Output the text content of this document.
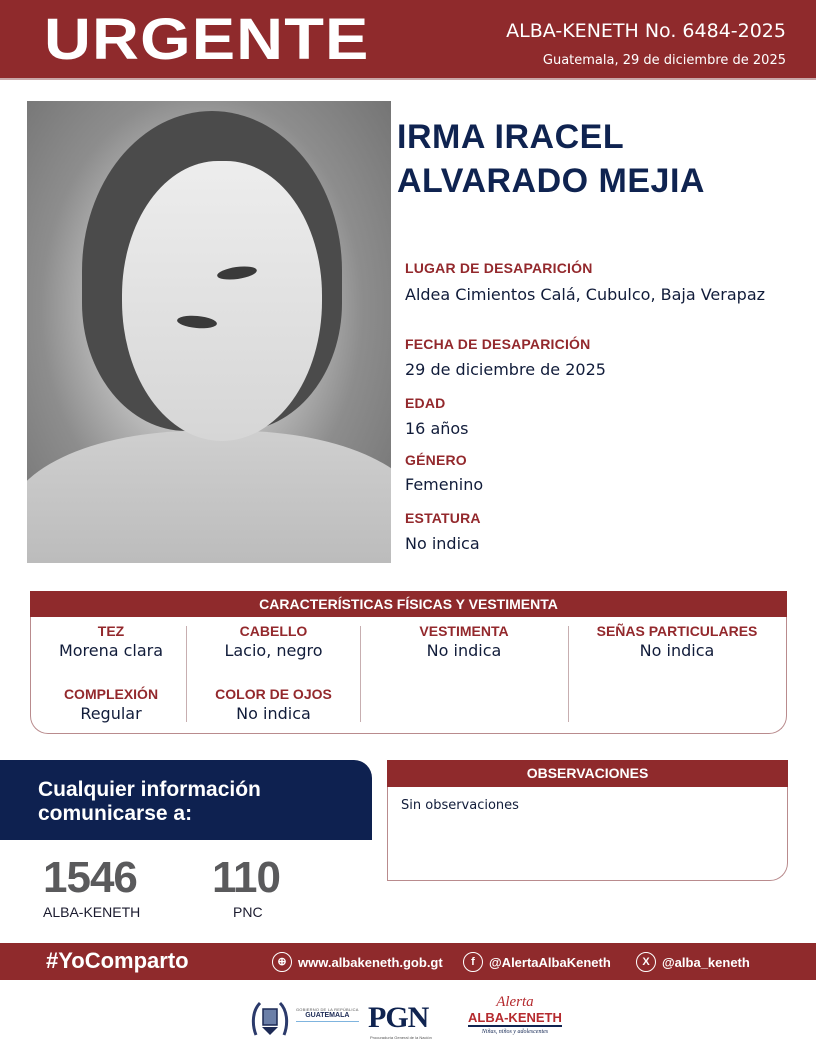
URGENTE	ALBA-KENETH No. 6484-2025
Guatemala, 29 de diciembre de 2025
IRMA IRACEL
ALVARADO MEJIA
LUGAR DE DESAPARICIÓN
Aldea Cimientos Calá, Cubulco, Baja Verapaz
FECHA DE DESAPARICIÓN
29 de diciembre de 2025
EDAD
16 años
GÉNERO
Femenino
ESTATURA
No indica
CARACTERÍSTICAS FÍSICAS Y VESTIMENTA
TEZ
Morena clara
COMPLEXIÓN
Regular
CABELLO
Lacio, negro
COLOR DE OJOS
No indica
VESTIMENTA
No indica
SEÑAS PARTICULARES
No indica
Cualquier información
comunicarse a:
1546
ALBA-KENETH
110
PNC
OBSERVACIONES
Sin observaciones
#YoComparto	⊕ www.albakeneth.gob.gt	f	@AlertaAlbaKeneth	X @alba_keneth
GOBIERNO DE LA REPÚBLICA
GUATEMALA PGN
Procuraduría General de la Nación
Alerta
ALBA-KENETH
Niñas, niños y adolescentes
